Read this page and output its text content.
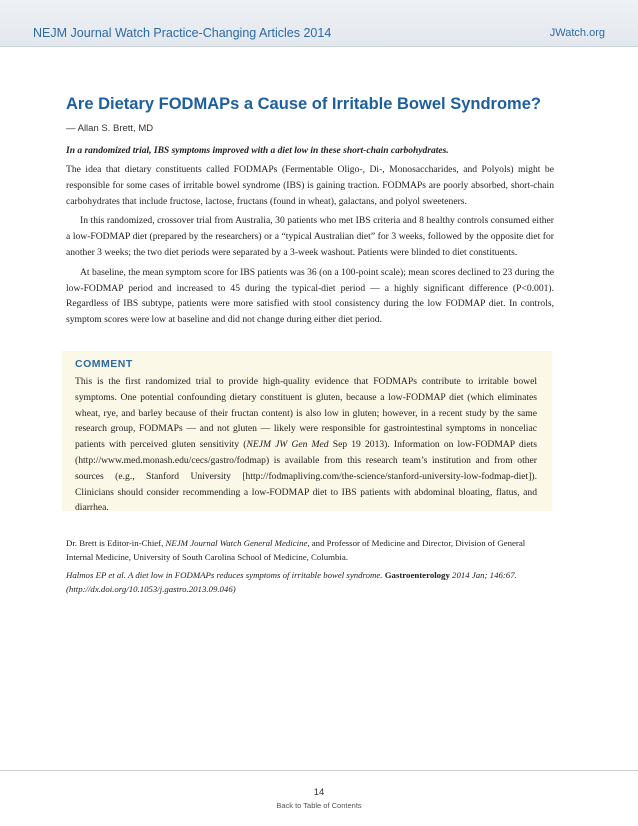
NEJM Journal Watch Practice-Changing Articles 2014	JWatch.org
Are Dietary FODMAPs a Cause of Irritable Bowel Syndrome?
— Allan S. Brett, MD
In a randomized trial, IBS symptoms improved with a diet low in these short-chain carbohydrates.

The idea that dietary constituents called FODMAPs (Fermentable Oligo-, Di-, Monosaccharides, and Polyols) might be responsible for some cases of irritable bowel syndrome (IBS) is gaining traction. FODMAPs are poorly absorbed, short-chain carbohydrates that include fructose, lactose, fructans (found in wheat), galactans, and polyol sweeteners.

In this randomized, crossover trial from Australia, 30 patients who met IBS criteria and 8 healthy controls consumed either a low-FODMAP diet (prepared by the researchers) or a “typical Australian diet” for 3 weeks, followed by the opposite diet for another 3 weeks; the two diet periods were separated by a 3-week washout. Patients were blinded to diet constituents.

At baseline, the mean symptom score for IBS patients was 36 (on a 100-point scale); mean scores declined to 23 during the low-FODMAP period and increased to 45 during the typical-diet period — a highly significant difference (P<0.001). Regardless of IBS subtype, patients were more satisfied with stool consistency during the low FODMAP diet. In controls, symptom scores were low at baseline and did not change during either diet period.

COMMENT
This is the first randomized trial to provide high-quality evidence that FODMAPs contribute to irritable bowel symptoms. One potential confounding dietary constituent is gluten, because a low-FODMAP diet (which eliminates wheat, rye, and barley because of their fructan content) is also low in gluten; however, in a recent study by the same research group, FODMAPs — and not gluten — likely were responsible for gastrointestinal symptoms in nonceliac patients with perceived gluten sensitivity (NEJM JW Gen Med Sep 19 2013). Information on low-FODMAP diets (http://www.med.monash.edu/cecs/gastro/fodmap) is available from this research team’s institution and from other sources (e.g., Stanford University [http://fodmapliving.com/the-science/stanford-university-low-fodmap-diet]). Clinicians should consider recommending a low-FODMAP diet to IBS patients with abdominal bloating, flatus, and diarrhea.
Dr. Brett is Editor-in-Chief, NEJM Journal Watch General Medicine, and Professor of Medicine and Director, Division of General Internal Medicine, University of South Carolina School of Medicine, Columbia.
Halmos EP et al. A diet low in FODMAPs reduces symptoms of irritable bowel syndrome. Gastroenterology 2014 Jan; 146:67. (http://dx.doi.org/10.1053/j.gastro.2013.09.046)
14
Back to Table of Contents
